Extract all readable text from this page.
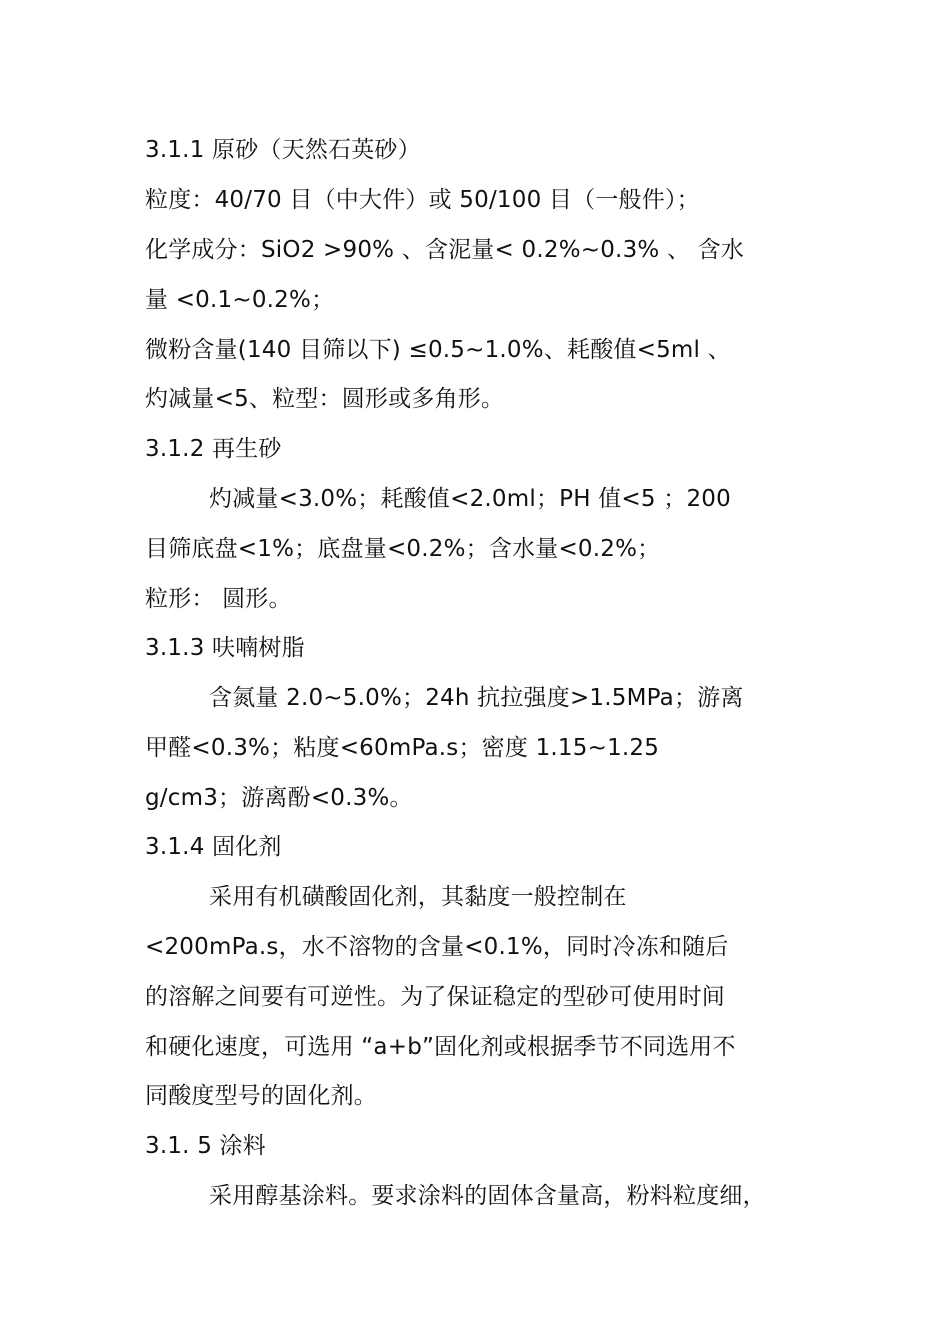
3.1.1 原砂（天然石英砂）
粒度：40/70 目（中大件）或 50/100 目（一般件）；
化学成分：SiO2 >90% 、含泥量< 0.2%~0.3% 、 含水
量 <0.1~0.2%；
微粉含量(140 目筛以下) ≤0.5~1.0%、耗酸值<5ml 、
灼减量<5、粒型：圆形或多角形。
3.1.2 再生砂
灼减量<3.0%；耗酸值<2.0ml；PH 值<5 ；200
目筛底盘<1%；底盘量<0.2%；含水量<0.2%；
粒形： 圆形。
3.1.3 呋喃树脂
含氮量 2.0~5.0%；24h 抗拉强度>1.5MPa；游离
甲醛<0.3%；粘度<60mPa.s；密度 1.15~1.25
g/cm3；游离酚<0.3%。
3.1.4 固化剂
采用有机磺酸固化剂，其黏度一般控制在
<200mPa.s，水不溶物的含量<0.1%，同时冷冻和随后
的溶解之间要有可逆性。为了保证稳定的型砂可使用时间
和硬化速度，可选用 “a+b”固化剂或根据季节不同选用不
同酸度型号的固化剂。
3.1. 5 涂料
采用醇基涂料。要求涂料的固体含量高，粉料粒度细，
